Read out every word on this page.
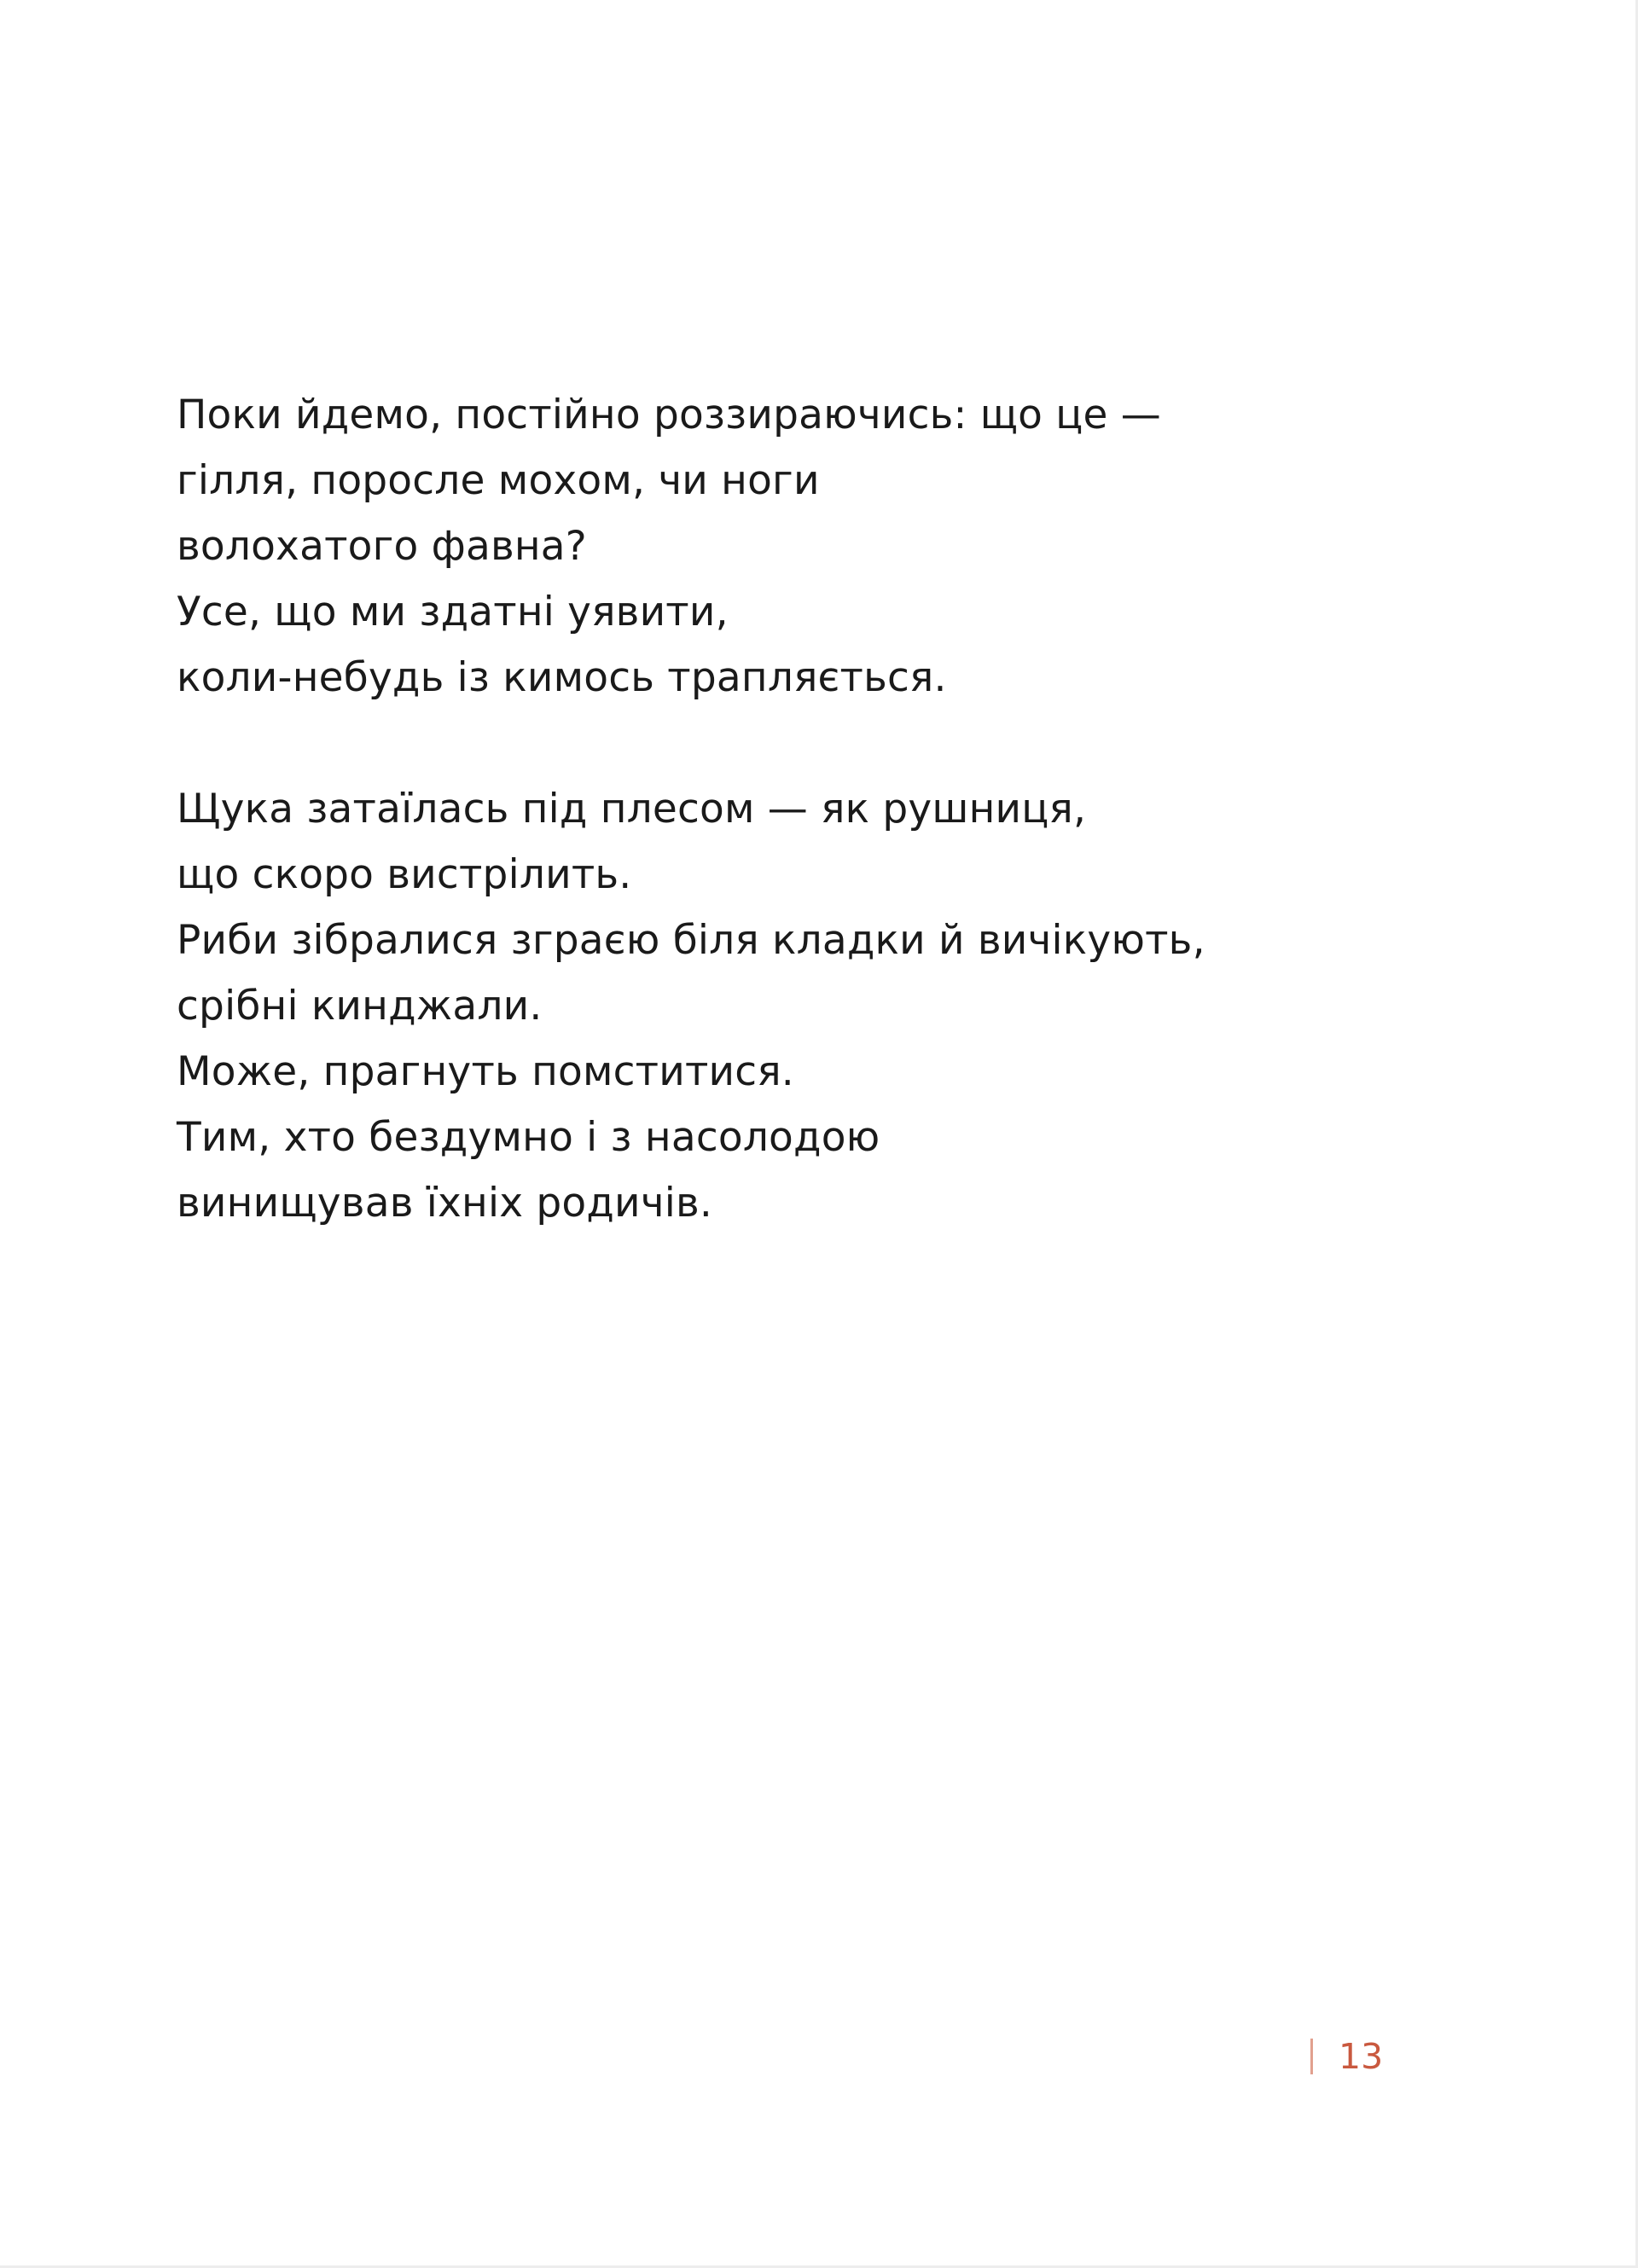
Поки йдемо, постійно роззираючись: що це —
гілля, поросле мохом, чи ноги
волохатого фавна?
Усе, що ми здатні уявити,
коли-небудь із кимось трапляється.

Щука затаїлась під плесом — як рушниця,
що скоро вистрілить.
Риби зібралися зграєю біля кладки й вичікують,
срібні кинджали.
Може, прагнуть помститися.
Тим, хто бездумно і з насолодою
винищував їхніх родичів.

13
